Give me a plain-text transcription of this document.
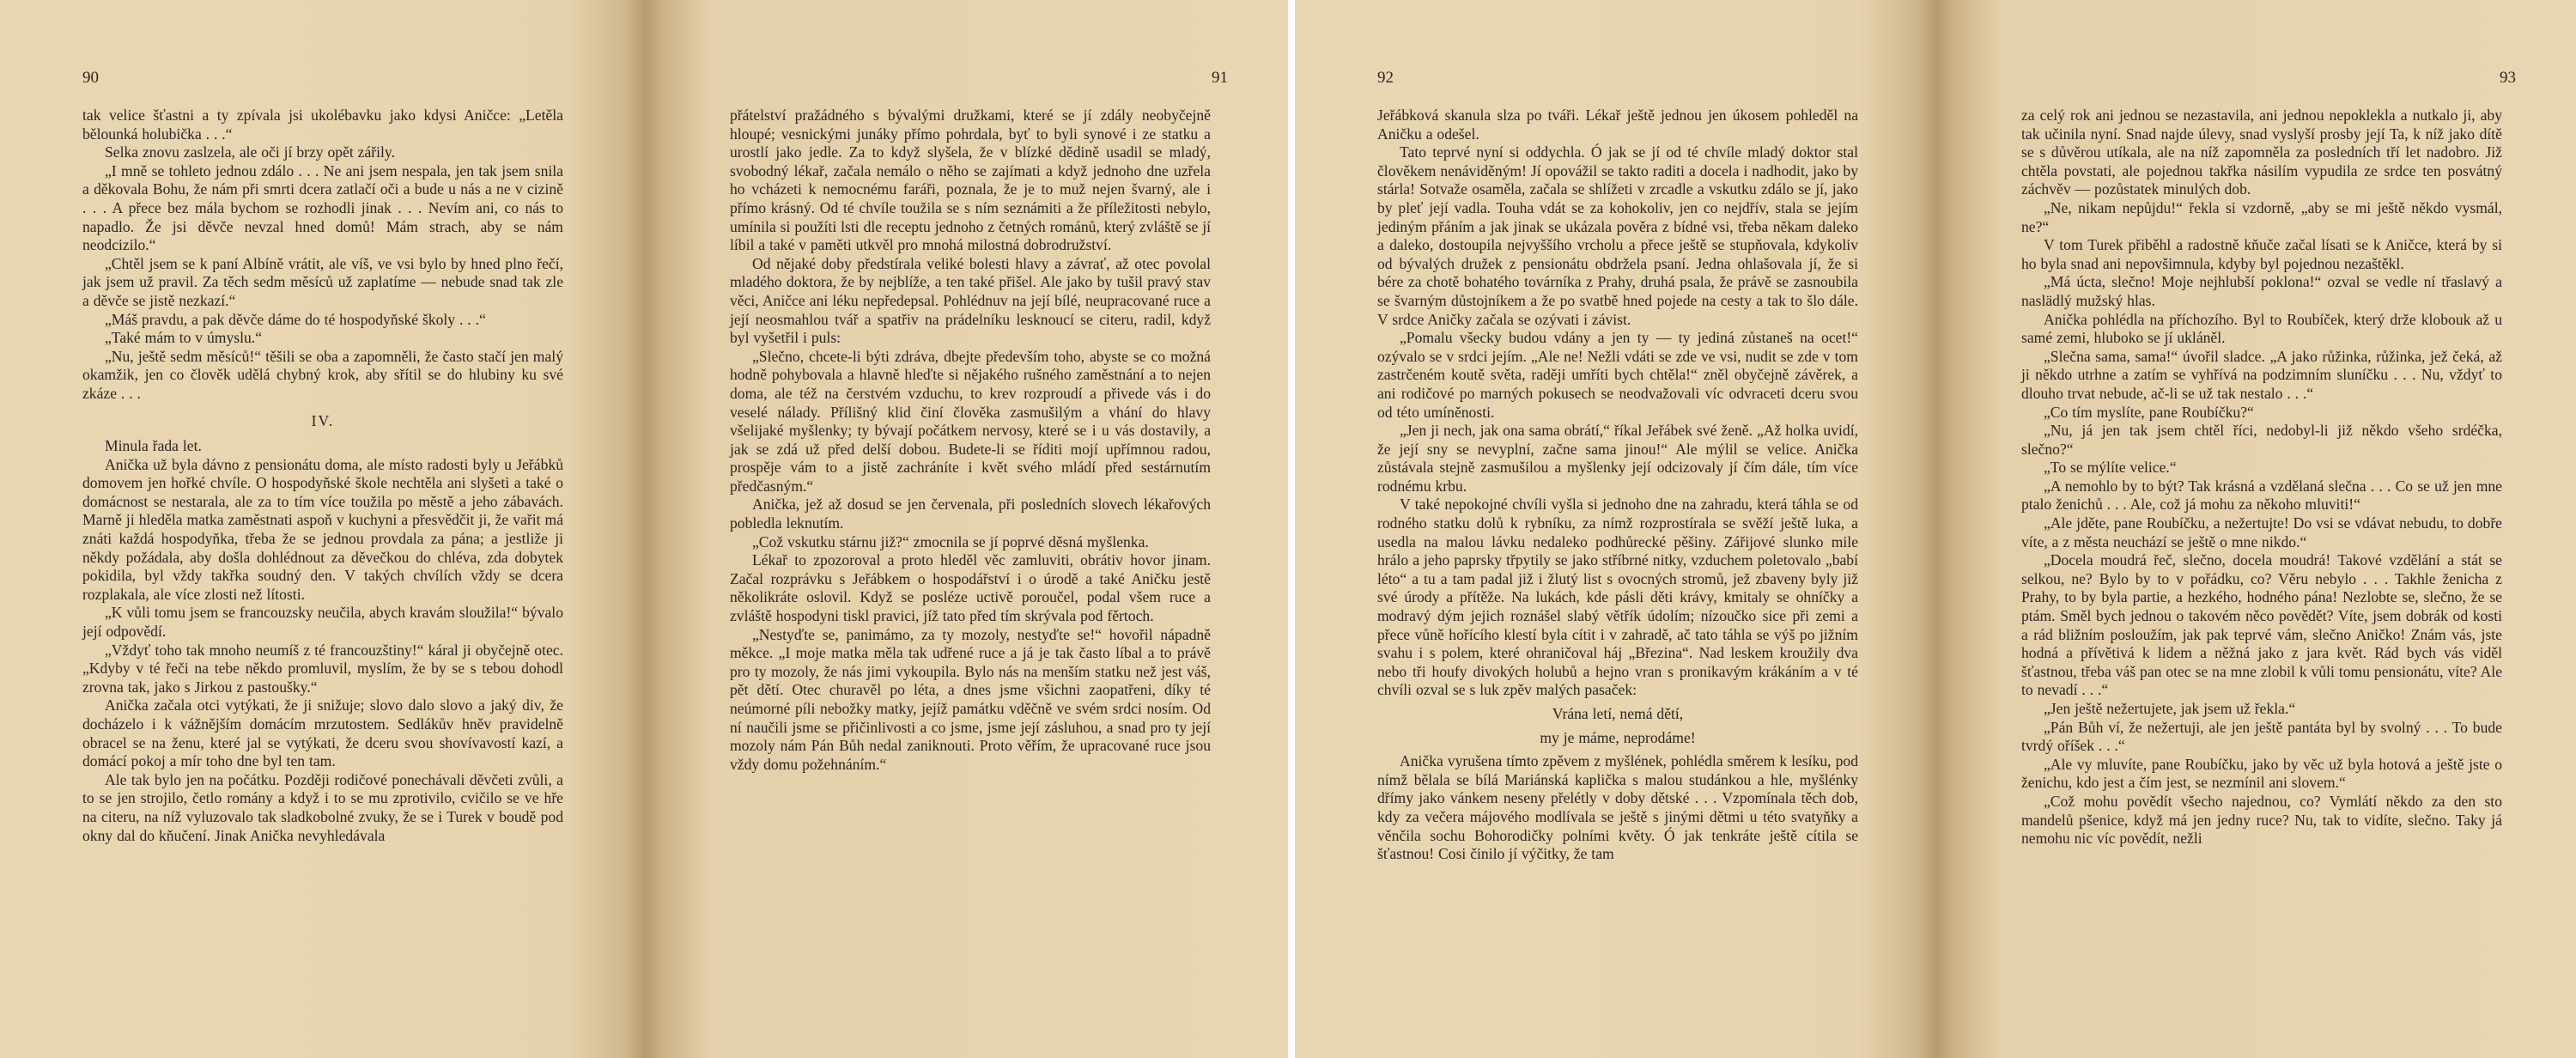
90

tak velice šťastni a ty zpívala jsi ukolébavku jako kdysi Aničce: „Letěla bělounká holubička . . .“

Selka znovu zaslzela, ale oči jí brzy opět zářily.

„I mně se tohleto jednou zdálo . . . Ne ani jsem nespala, jen tak jsem snila a děkovala Bohu, že nám při smrti dcera zatlačí oči a bude u nás a ne v cizině . . . A přece bez mála bychom se rozhodli jinak . . . Nevím ani, co nás to napadlo. Že jsi děvče nevzal hned domů! Mám strach, aby se nám neodcizilo.“

„Chtěl jsem se k paní Albíně vrátit, ale víš, ve vsi bylo by hned plno řečí, jak jsem už pravil. Za těch sedm měsíců už zaplatíme — nebude snad tak zle a děvče se jistě nezkazí.“

„Máš pravdu, a pak děvče dáme do té hospodyňské školy . . .“

„Také mám to v úmyslu.“

„Nu, ještě sedm měsíců!“ těšili se oba a zapomněli, že často stačí jen malý okamžik, jen co člověk udělá chybný krok, aby sřítil se do hlubiny ku své zkáze . . .

IV.

Minula řada let.

Anička už byla dávno z pensionátu doma, ale místo radosti byly u Jeřábků domovem jen hořké chvíle. O hospodyňské škole nechtěla ani slyšeti a také o domácnost se nestarala, ale za to tím více toužila po městě a jeho zábavách. Marně ji hleděla matka zaměstnati aspoň v kuchyni a přesvědčit ji, že vařit má znáti každá hospodyňka, třeba že se jednou provdala za pána; a jestliže ji někdy požádala, aby došla dohlédnout za děvečkou do chléva, zda dobytek pokidila, byl vždy takřka soudný den. V takých chvílích vždy se dcera rozplakala, ale více zlosti než lítosti.

„K vůli tomu jsem se francouzsky neučila, abych kravám sloužila!“ bývalo její odpovědí.

„Vždyť toho tak mnoho neumíš z té francouzštiny!“ káral ji obyčejně otec. „Kdyby v té řeči na tebe někdo promluvil, myslím, že by se s tebou dohodl zrovna tak, jako s Jirkou z pastoušky.“

Anička začala otci vytýkati, že ji snižuje; slovo dalo slovo a jaký div, že docházelo i k vážnějším domácím mrzutostem. Sedlákův hněv pravidelně obracel se na ženu, které jal se vytýkati, že dceru svou shovívavostí kazí, a domácí pokoj a mír toho dne byl ten tam.

Ale tak bylo jen na počátku. Později rodičové ponechávali děvčeti zvůli, a to se jen strojilo, četlo romány a když i to se mu zprotivilo, cvičilo se ve hře na citeru, na níž vyluzovalo tak sladkobolné zvuky, že se i Turek v boudě pod okny dal do kňučení. Jinak Anička nevyhledávala

91

přátelství pražádného s bývalými družkami, které se jí zdály neobyčejně hloupé; vesnickými junáky přímo pohrdala, byť to byli synové i ze statku a urostlí jako jedle. Za to když slyšela, že v blízké dědině usadil se mladý, svobodný lékař, začala nemálo o něho se zajímati a když jednoho dne uzřela ho vcházeti k nemocnému faráři, poznala, že je to muž nejen švarný, ale i přímo krásný. Od té chvíle toužila se s ním seznámiti a že příležitosti nebylo, umínila si použíti lsti dle receptu jednoho z četných románů, který zvláště se jí líbil a také v paměti utkvěl pro mnohá milostná dobrodružství.

Od nějaké doby předstírala veliké bolesti hlavy a závrať, až otec povolal mladého doktora, že by nejblíže, a ten také přišel. Ale jako by tušil pravý stav věci, Aničce ani léku nepředepsal. Pohlédnuv na její bílé, neupracované ruce a její neosmahlou tvář a spatřiv na prádelníku lesknoucí se citeru, radil, když byl vyšetřil i puls:

„Slečno, chcete-li býti zdráva, dbejte především toho, abyste se co možná hodně pohybovala a hlavně hleďte si nějakého rušného zaměstnání a to nejen doma, ale též na čerstvém vzduchu, to krev rozproudí a přivede vás i do veselé nálady. Přílišný klid činí člověka zasmušilým a vhání do hlavy všelijaké myšlenky; ty bývají počátkem nervosy, které se i u vás dostavily, a jak se zdá už před delší dobou. Budete-li se říditi mojí upřímnou radou, prospěje vám to a jistě zachráníte i květ svého mládí před sestárnutím předčasným.“

Anička, jež až dosud se jen červenala, při posledních slovech lékařových pobledla leknutím.

„Což vskutku stárnu již?“ zmocnila se jí poprvé děsná myšlenka.

Lékař to zpozoroval a proto hleděl věc zamluviti, obrátiv hovor jinam. Začal rozprávku s Jeřábkem o hospodářství i o úrodě a také Aničku jestě několikráte oslovil. Když se posléze uctivě poroučel, podal všem ruce a zvláště hospodyni tiskl pravici, jíž tato před tím skrývala pod fěrtoch.

„Nestyďte se, panimámo, za ty mozoly, nestyďte se!“ hovořil nápadně měkce. „I moje matka měla tak udřené ruce a já je tak často líbal a to právě pro ty mozoly, že nás jimi vykoupila. Bylo nás na menším statku než jest váš, pět dětí. Otec churavěl po léta, a dnes jsme všichni zaopatřeni, díky té neúmorné píli nebožky matky, jejíž památku vděčně ve svém srdci nosím. Od ní naučili jsme se přičinlivosti a co jsme, jsme její zásluhou, a snad pro ty její mozoly nám Pán Bůh nedal zaniknouti. Proto věřím, že upracované ruce jsou vždy domu požehnáním.“

92

Jeřábková skanula slza po tváři. Lékař ještě jednou jen úkosem pohleděl na Aničku a odešel.

Tato teprvé nyní si oddychla. Ó jak se jí od té chvíle mladý doktor stal člověkem nenáviděným! Jí opovážil se takto raditi a docela i nadhodit, jako by stárla! Sotvaže osaměla, začala se shlížeti v zrcadle a vskutku zdálo se jí, jako by pleť její vadla. Touha vdát se za kohokoliv, jen co nejdřív, stala se jejím jediným přáním a jak jinak se ukázala pověra z bídné vsi, třeba někam daleko a daleko, dostoupila nejvyššího vrcholu a přece ještě se stupňovala, kdykoliv od bývalých družek z pensionátu obdržela psaní. Jedna ohlašovala jí, že si bére za chotě bohatého továrníka z Prahy, druhá psala, že právě se zasnoubila se švarným důstojníkem a že po svatbě hned pojede na cesty a tak to šlo dále. V srdce Aničky začala se ozývati i závist.

„Pomalu všecky budou vdány a jen ty — ty jediná zůstaneš na ocet!“ ozývalo se v srdci jejím. „Ale ne! Nežli vdáti se zde ve vsi, nudit se zde v tom zastrčeném koutě světa, raději umříti bych chtěla!“ zněl obyčejně závěrek, a ani rodičové po marných pokusech se neodvažovali víc odvraceti dceru svou od této umíněnosti.

„Jen ji nech, jak ona sama obrátí,“ říkal Jeřábek své ženě. „Až holka uvidí, že její sny se nevyplní, začne sama jinou!“ Ale mýlil se velice. Anička zůstávala stejně zasmušilou a myšlenky její odcizovaly jí čím dále, tím více rodnému krbu.

V také nepokojné chvíli vyšla si jednoho dne na zahradu, která táhla se od rodného statku dolů k rybníku, za nímž rozprostírala se svěží ještě luka, a usedla na malou lávku nedaleko podhůrecké pěšiny. Zářijové slunko mile hrálo a jeho paprsky třpytily se jako stříbrné nitky, vzduchem poletovalo „babí léto“ a tu a tam padal již i žlutý list s ovocných stromů, jež zbaveny byly již své úrody a přítěže. Na lukách, kde pásli děti krávy, kmitaly se ohníčky a modravý dým jejich roznášel slabý větřík údolím; nízoučko sice při zemi a přece vůně hořícího klestí byla cítit i v zahradě, ač tato táhla se výš po jižním svahu i s polem, které ohraničoval háj „Březina“. Nad leskem kroužily dva nebo tři houfy divokých holubů a hejno vran s pronikavým krákáním a v té chvíli ozval se s luk zpěv malých pasaček:

Vrána letí, nemá dětí,

my je máme, neprodáme!

Anička vyrušena tímto zpěvem z myšlének, pohlédla směrem k lesíku, pod nímž bělala se bílá Mariánská kaplička s malou studánkou a hle, myšlénky dřímy jako vánkem neseny přelétly v doby dětské . . . Vzpomínala těch dob, kdy za večera májového modlívala se ještě s jinými dětmi u této svatyňky a věnčila sochu Bohorodičky polními květy. Ó jak tenkráte ještě cítila se šťastnou! Cosi činilo jí výčitky, že tam

93

za celý rok ani jednou se nezastavila, ani jednou nepoklekla a nutkalo ji, aby tak učinila nyní. Snad najde úlevy, snad vyslyší prosby její Ta, k níž jako dítě se s důvěrou utíkala, ale na níž zapomněla za posledních tří let nadobro. Již chtěla povstati, ale pojednou takřka násilím vypudila ze srdce ten posvátný záchvěv — pozůstatek minulých dob.

„Ne, nikam nepůjdu!“ řekla si vzdorně, „aby se mi ještě někdo vysmál, ne?“

V tom Turek přiběhl a radostně kňuče začal lísati se k Aničce, která by si ho byla snad ani nepovšimnula, kdyby byl pojednou nezaštěkl.

„Má úcta, slečno! Moje nejhlubší poklona!“ ozval se vedle ní třaslavý a naslädlý mužský hlas.

Anička pohlédla na příchozího. Byl to Roubíček, který drže klobouk až u samé zemi, hluboko se jí ukláněl.

„Slečna sama, sama!“ úvořil sladce. „A jako růžinka, růžinka, jež čeká, až ji někdo utrhne a zatím se vyhřívá na podzimním sluníčku . . . Nu, vždyť to dlouho trvat nebude, ač-li se už tak nestalo . . .“

„Co tím myslíte, pane Roubíčku?“

„Nu, já jen tak jsem chtěl říci, nedobyl-li již někdo všeho srdéčka, slečno?“

„To se mýlíte velice.“

„A nemohlo by to být? Tak krásná a vzdělaná slečna . . . Co se už jen mne ptalo ženichů . . . Ale, což já mohu za někoho mluviti!“

„Ale jděte, pane Roubíčku, a nežertujte! Do vsi se vdávat nebudu, to dobře víte, a z města neuchází se ještě o mne nikdo.“

„Docela moudrá řeč, slečno, docela moudrá! Takové vzdělání a stát se selkou, ne? Bylo by to v pořádku, co? Věru nebylo . . . Takhle ženicha z Prahy, to by byla partie, a hezkého, hodného pána! Nezlobte se, slečno, že se ptám. Směl bych jednou o takovém něco povědět? Víte, jsem dobrák od kosti a rád bližním posloužím, jak pak teprvé vám, slečno Aničko! Znám vás, jste hodná a přívětivá k lidem a něžná jako z jara květ. Rád bych vás viděl šťastnou, třeba váš pan otec se na mne zlobil k vůli tomu pensionátu, víte? Ale to nevadí . . .“

„Jen ještě nežertujete, jak jsem už řekla.“

„Pán Bůh ví, že nežertuji, ale jen ještě pantáta byl by svolný . . . To bude tvrdý oříšek . . .“

„Ale vy mluvíte, pane Roubíčku, jako by věc už byla hotová a ještě jste o ženichu, kdo jest a čím jest, se nezmínil ani slovem.“

„Což mohu povědít všecho najednou, co? Vymlátí někdo za den sto mandelů pšenice, když má jen jedny ruce? Nu, tak to vidíte, slečno. Taky já nemohu nic víc povědít, nežli
